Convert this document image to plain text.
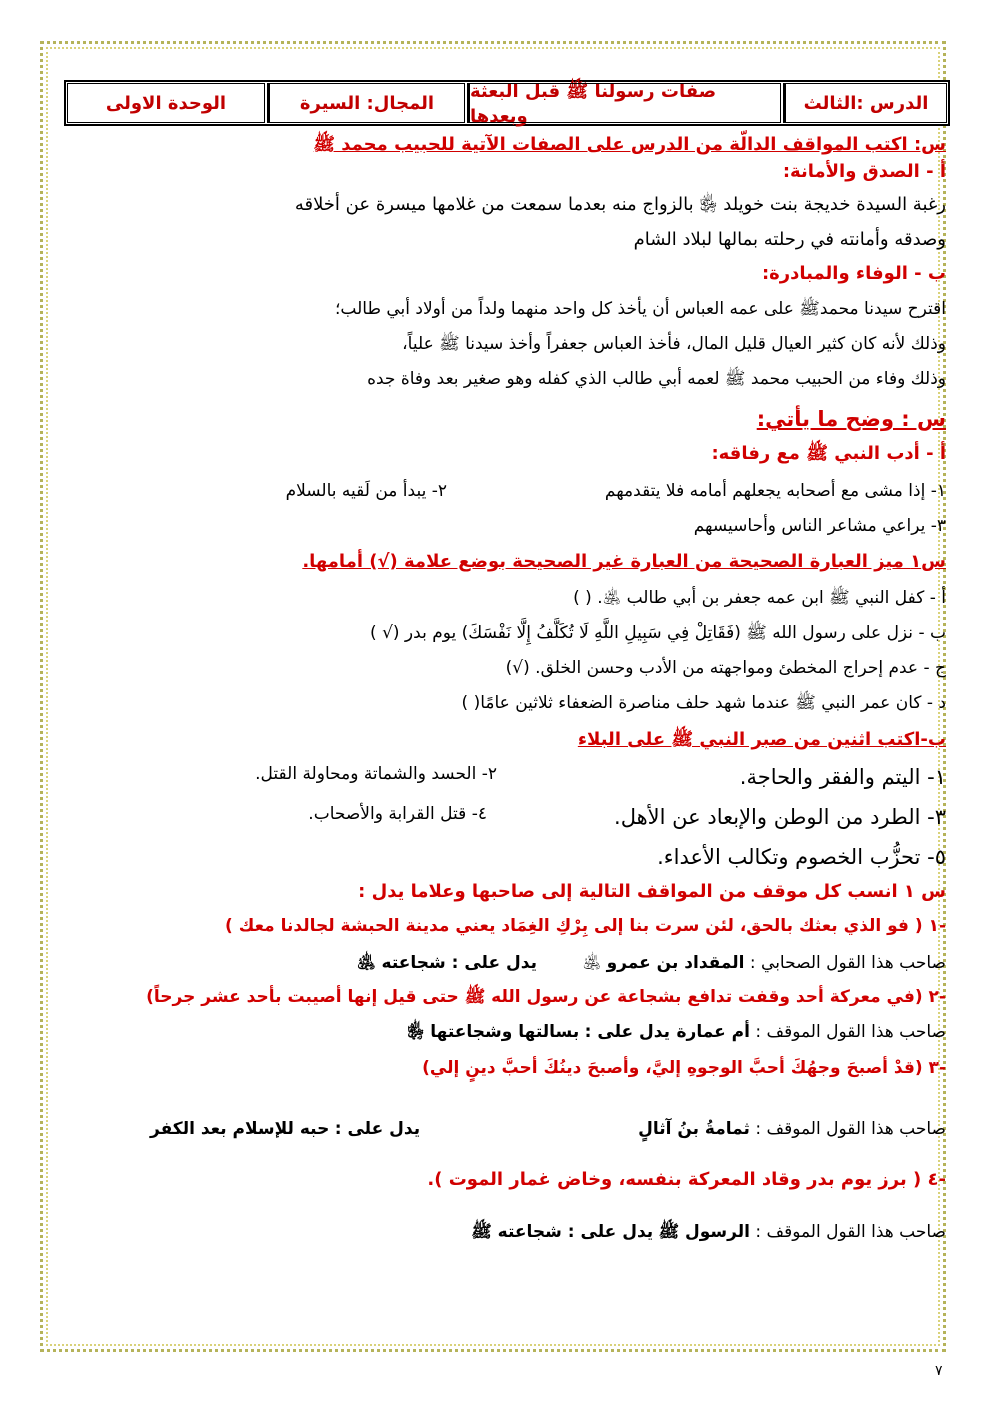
الدرس :الثالث
صفات رسولنا ﷺ قبل البعثة وبعدها
المجال: السيرة
الوحدة الاولى
س: اكتب المواقف الدالّة من الدرس على الصفات الآتية للحبيب محمد ﷺ
أ - الصدق والأمانة:
رغبة السيدة خديجة بنت خويلد ﵂ بالزواج منه بعدما سمعت من غلامها ميسرة عن أخلاقه
وصدقه وأمانته في رحلته بمالها لبلاد الشام
ب - الوفاء والمبادرة:
اقترح سيدنا محمدﷺ على عمه العباس أن يأخذ كل واحد منهما ولداً من أولاد أبي طالب؛
وذلك لأنه كان كثير العيال قليل المال، فأخذ العباس جعفراً وأخذ سيدنا ﷺ علياً،
وذلك وفاء من الحبيب محمد ﷺ لعمه أبي طالب الذي كفله وهو صغير بعد وفاة جده
س : وضح ما يأتي:
أ - أدب النبي ﷺ مع رفاقه:
١- إذا مشى مع أصحابه يجعلهم أمامه فلا يتقدمهم
٢- يبدأ من لَقيه بالسلام
٣- يراعي مشاعر الناس وأحاسيسهم
س١ ميز العبارة الصحيحة من العبارة غير الصحيحة بوضع علامة (√) أمامها.
أ - كفل النبي ﷺ ابن عمه جعفر بن أبي طالب ﵁. ( )
ب - نزل على رسول الله ﷺ (فَقَاتِلْ فِي سَبِيلِ اللَّهِ لَا تُكَلَّفُ إِلَّا نَفْسَكَ) يوم بدر (√ )
ج - عدم إحراج المخطئ ومواجهته من الأدب وحسن الخلق. (√)
د - كان عمر النبي ﷺ عندما شهد حلف مناصرة الضعفاء ثلاثين عامًا( )
ب-اكتب اثنين من صبر النبي ﷺ على البلاء
١- اليتم والفقر والحاجة.
٢- الحسد والشماتة ومحاولة القتل.
٣- الطرد من الوطن والإبعاد عن الأهل.
٤- قتل القرابة والأصحاب.
٥- تحزُّب الخصوم وتكالب الأعداء.
س ١ انسب كل موقف من المواقف التالية إلى صاحبها وعلاما يدل :
-١ ( فو الذي بعثك بالحق، لئن سرت بنا إلى بِرْكِ الغِمَاد يعني مدينة الحبشة لجالدنا معك )
صاحب هذا القول الصحابي : المقداد بن عمرو ﵁
يدل على : شجاعته ﵁
-٢ (في معركة أحد وقفت تدافع بشجاعة عن رسول الله ﷺ حتى قيل إنها أصيبت بأحد عشر جرحاً)
صاحب هذا القول الموقف : أم عمارة
يدل على : بسالتها وشجاعتها ﵂
-٣ (قدْ أصبحَ وجهُكَ أحبَّ الوجوهِ إليَّ، وأصبحَ دينُكَ أحبَّ دينٍ إلي)
صاحب هذا القول الموقف : ثمامةُ بنُ آثالٍ
يدل على : حبه للإسلام بعد الكفر
-٤ ( برز يوم بدر وقاد المعركة بنفسه، وخاض غمار الموت ).
صاحب هذا القول الموقف : الرسول ﷺ يدل على : شجاعته ﷺ
٧
